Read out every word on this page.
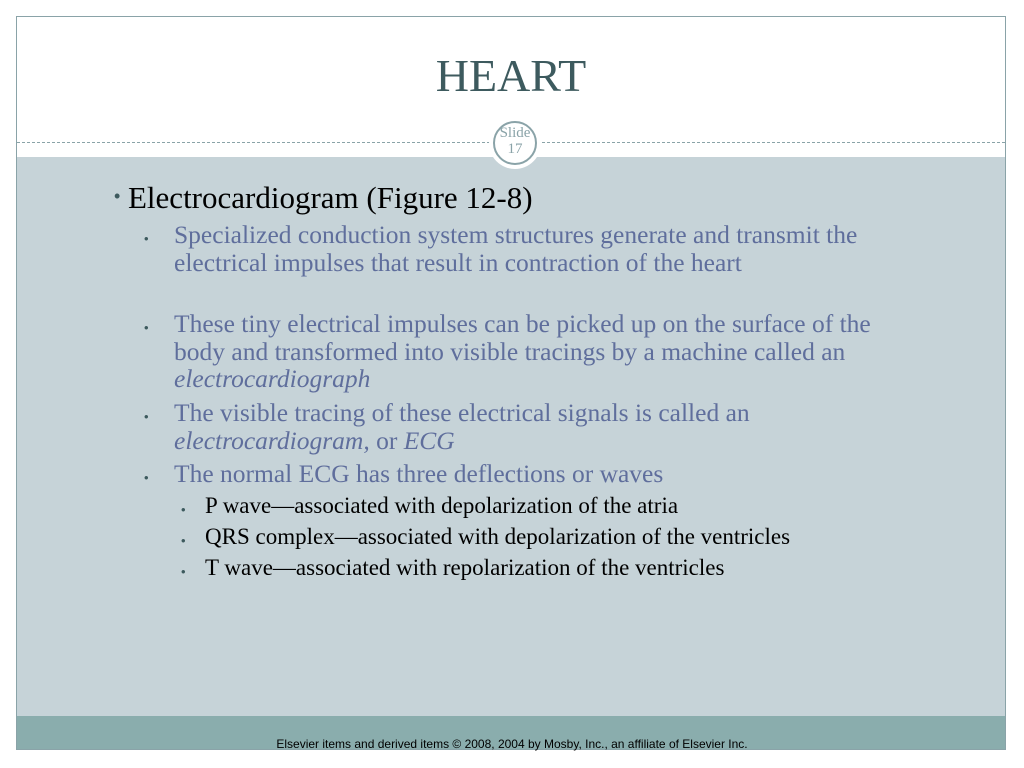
HEART
Slide
17
• Electrocardiogram (Figure 12-8)

• Specialized conduction system structures generate and transmit the electrical impulses that result in contraction of the heart

• These tiny electrical impulses can be picked up on the surface of the body and transformed into visible tracings by a machine called an electrocardiograph

• The visible tracing of these electrical signals is called an electrocardiogram, or ECG

• The normal ECG has three deflections or waves

• P wave—associated with depolarization of the atria

• QRS complex—associated with depolarization of the ventricles

• T wave—associated with repolarization of the ventricles

Elsevier items and derived items © 2008, 2004 by Mosby, Inc., an affiliate of Elsevier Inc.
